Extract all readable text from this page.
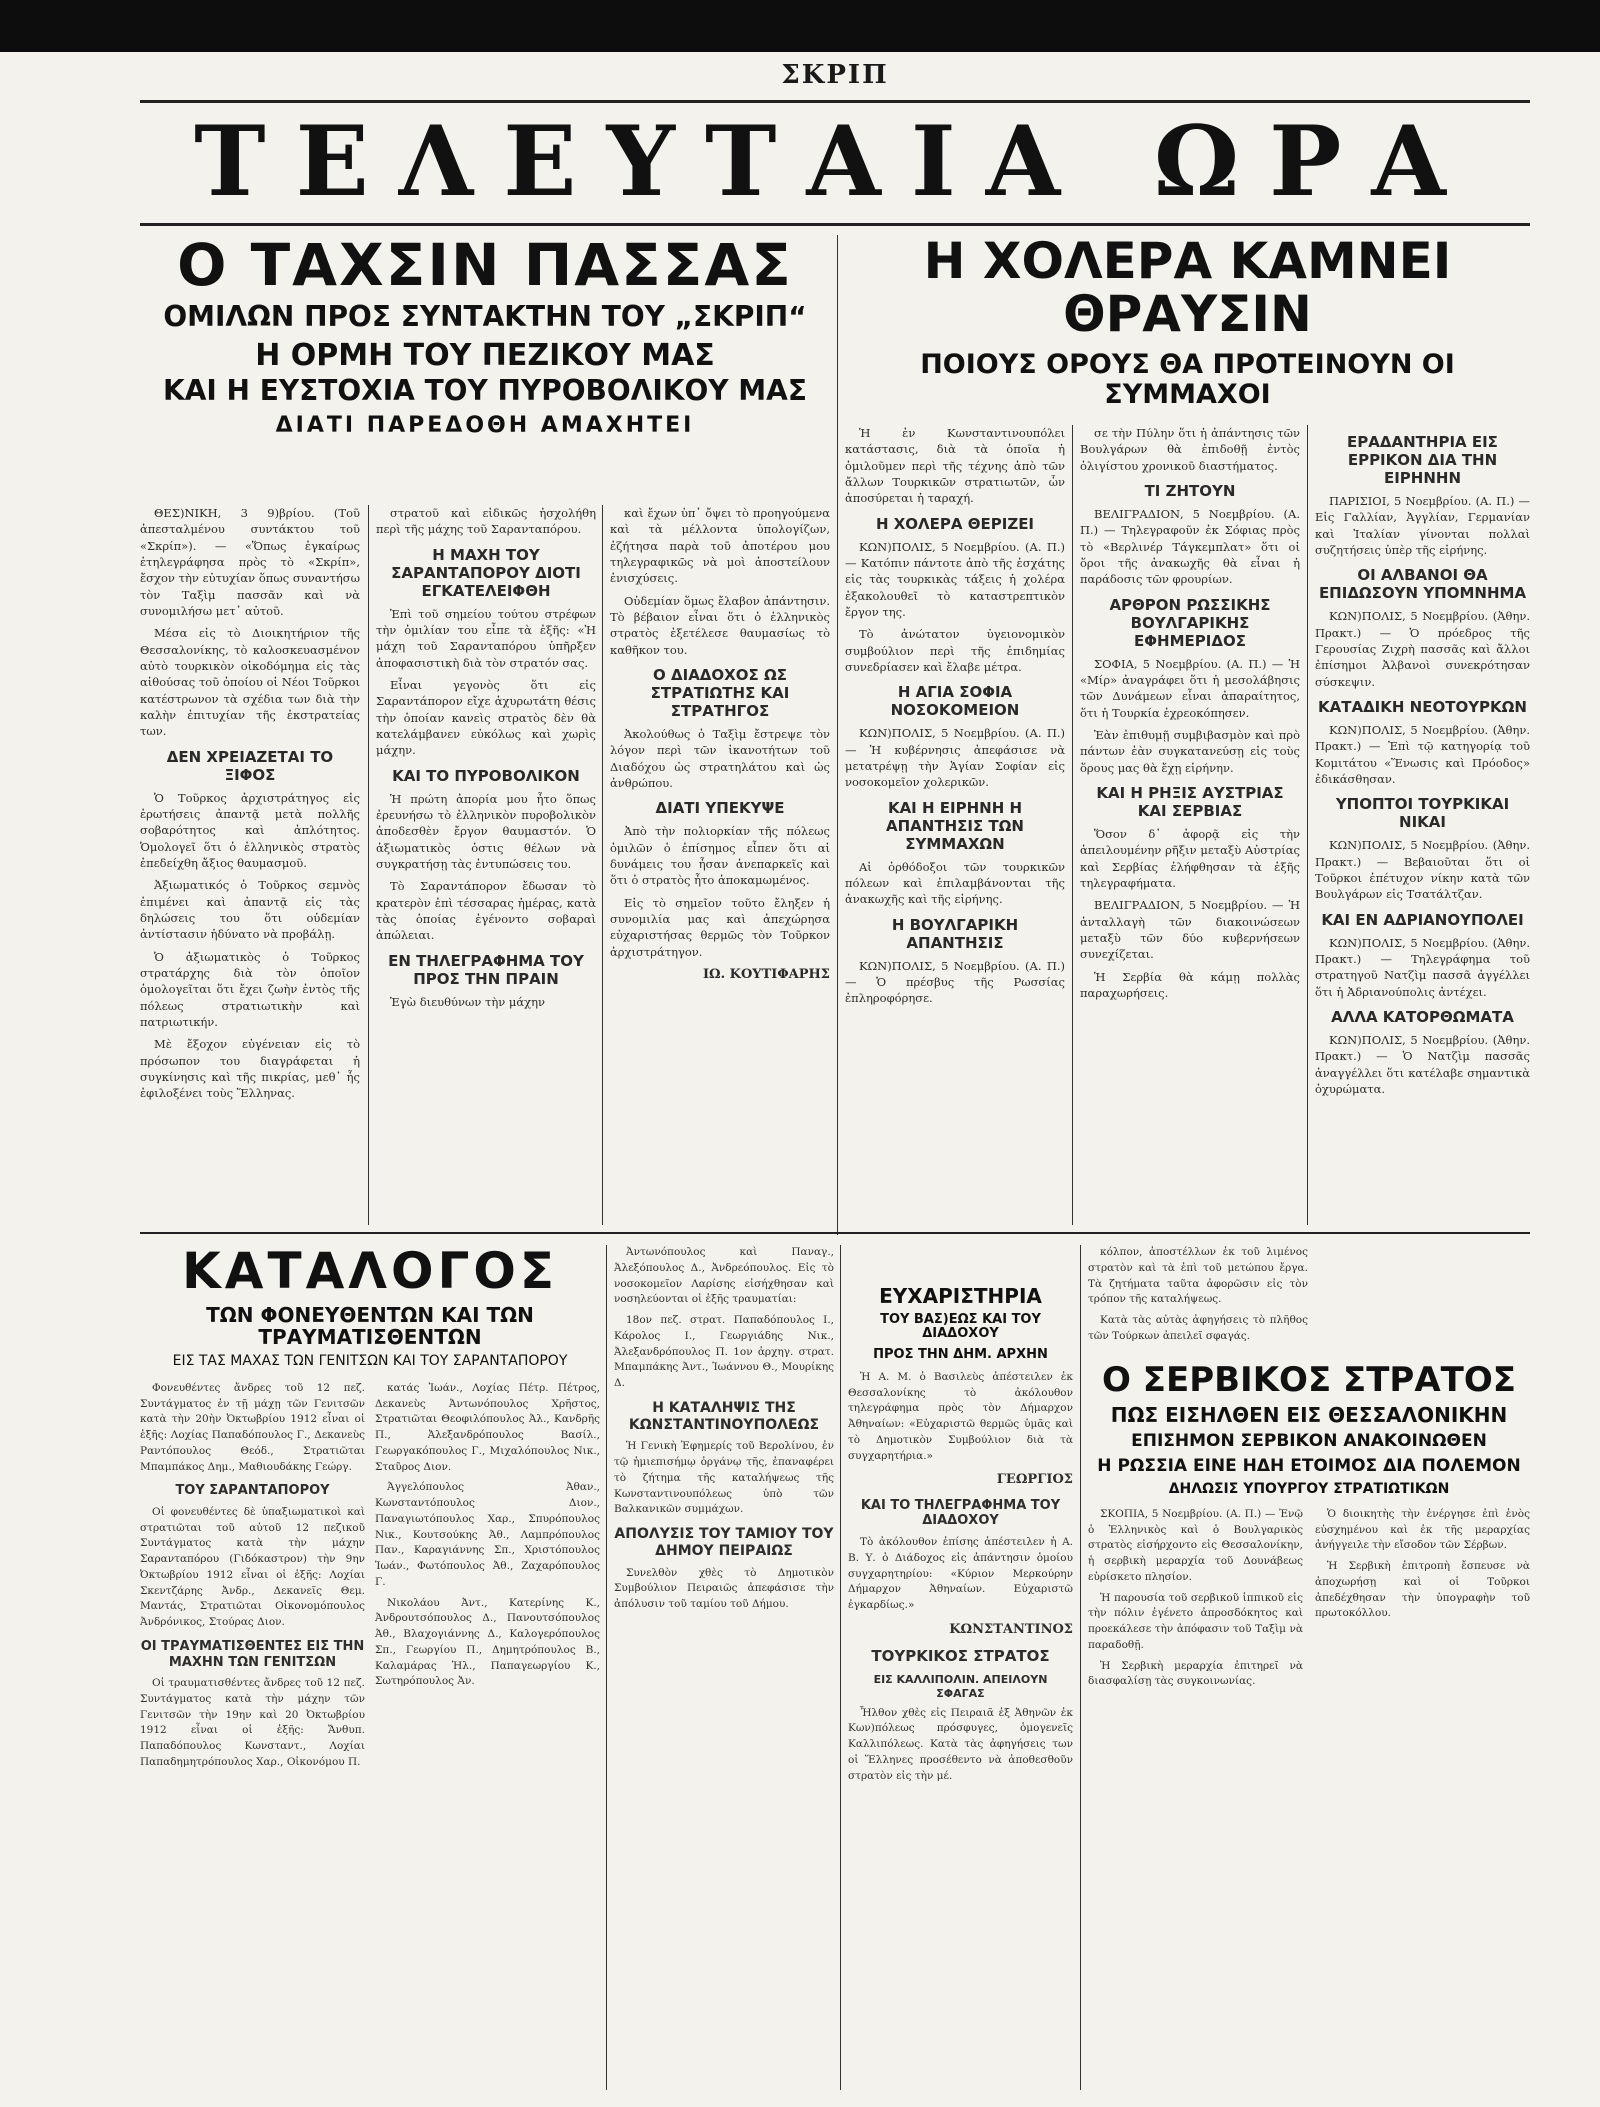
ΣΚΡΙΠ
ΤΕΛΕΥΤΑΙΑ ΩΡΑ
Ο ΤΑΧΣΙΝ ΠΑΣΣΑΣ
ΟΜΙΛΩΝ ΠΡΟΣ ΣΥΝΤΑΚΤΗΝ ΤΟΥ „ΣΚΡΙΠ“
Η ΟΡΜΗ ΤΟΥ ΠΕΖΙΚΟΥ ΜΑΣ
ΚΑΙ Η ΕΥΣΤΟΧΙΑ ΤΟΥ ΠΥΡΟΒΟΛΙΚΟΥ ΜΑΣ
ΔΙΑΤΙ ΠΑΡΕΔΟΘΗ ΑΜΑΧΗΤΕΙ
Η ΧΟΛΕΡΑ ΚΑΜΝΕΙ ΘΡΑΥΣΙΝ
ΠΟΙΟΥΣ ΟΡΟΥΣ ΘΑ ΠΡΟΤΕΙΝΟΥΝ ΟΙ ΣΥΜΜΑΧΟΙ

ΘΕΣ)ΝΙΚΗ, 3 9)βρίου. (Τοῦ ἀπεσταλμένου συντάκτου τοῦ «Σκρίπ»). — «Ὅπως ἐγκαίρως ἐτηλεγράφησα πρὸς τὸ «Σκρίπ», ἔσχον τὴν εὐτυχίαν ὅπως συναντήσω τὸν Ταξὶμ πασσᾶν καὶ νὰ συνομιλήσω μετ᾽ αὐτοῦ.

Μέσα εἰς τὸ Διοικητήριον τῆς Θεσσαλονίκης, τὸ καλοσκευασμένον αὐτὸ τουρκικὸν οἰκοδόμημα εἰς τὰς αἰθούσας τοῦ ὁποίου οἱ Νέοι Τοῦρκοι κατέστρωνον τὰ σχέδια των διὰ τὴν καλὴν ἐπιτυχίαν τῆς ἐκστρατείας των.

ΔΕΝ ΧΡΕΙΑΖΕΤΑΙ ΤΟ ΞΙΦΟΣ

Ὁ Τοῦρκος ἀρχιστράτηγος εἰς ἐρωτήσεις ἀπαντᾷ μετὰ πολλῆς σοβαρότητος καὶ ἀπλότητος. Ὁμολογεῖ ὅτι ὁ ἑλληνικὸς στρατὸς ἐπεδείχθη ἄξιος θαυμασμοῦ.

Ἀξιωματικός ὁ Τοῦρκος σεμνὸς ἐπιμένει καὶ ἀπαντᾷ εἰς τὰς δηλώσεις του ὅτι οὐδεμίαν ἀντίστασιν ἡδύνατο νὰ προβάλῃ.

Ὁ ἀξιωματικὸς ὁ Τοῦρκος στρατάρχης διὰ τὸν ὁποῖον ὁμολογεῖται ὅτι ἔχει ζωὴν ἐντὸς τῆς πόλεως στρατιωτικὴν καὶ πατριωτικήν.

Μὲ ἔξοχον εὐγένειαν εἰς τὸ πρόσωπον του διαγράφεται ἡ συγκίνησις καὶ τῆς πικρίας, μεθ᾽ ἧς ἐφιλοξένει τοὺς Ἕλληνας.

στρατοῦ καὶ εἰδικῶς ἠσχολήθη περὶ τῆς μάχης τοῦ Σαρανταπόρου.

Η ΜΑΧΗ ΤΟΥ ΣΑΡΑΝΤΑΠΟΡΟΥ ΔΙΟΤΙ ΕΓΚΑΤΕΛΕΙΦΘΗ

Ἐπὶ τοῦ σημείου τούτου στρέφων τὴν ὁμιλίαν του εἶπε τὰ ἑξῆς: «Ἡ μάχη τοῦ Σαρανταπόρου ὑπῆρξεν ἀποφασιστικὴ διὰ τὸν στρατόν σας.

Εἶναι γεγονὸς ὅτι εἰς Σαραντάπορον εἴχε ἀχυρωτάτη θέσις τὴν ὁποίαν κανεὶς στρατὸς δὲν θὰ κατελάμβανεν εὐκόλως καὶ χωρὶς μάχην.

ΚΑΙ ΤΟ ΠΥΡΟΒΟΛΙΚΟΝ

Ἡ πρώτη ἀπορία μου ἦτο ὅπως ἐρευνήσω τὸ ἑλληνικὸν πυροβολικὸν ἀποδεσθὲν ἔργον θαυμαστόν. Ὁ ἀξιωματικὸς ὁστις θέλων νὰ συγκρατήσῃ τὰς ἐντυπώσεις του.

Τὸ Σαραντάπορον ἔδωσαν τὸ κρατερὸν ἐπὶ τέσσαρας ἡμέρας, κατὰ τὰς ὁποίας ἐγένοντο σοβαραὶ ἀπώλειαι.

ΕΝ ΤΗΛΕΓΡΑΦΗΜΑ ΤΟΥ ΠΡΟΣ ΤΗΝ ΠΡΑΙΝ

Ἐγὼ διευθύνων τὴν μάχην

καὶ ἔχων ὑπ᾽ ὄψει τὸ προηγούμενα καὶ τὰ μέλλοντα ὑπολογίζων, ἐζήτησα παρὰ τοῦ ἀποτέρου μου τηλεγραφικῶς νὰ μοὶ ἀποστείλουν ἐνισχύσεις.

Οὐδεμίαν ὅμως ἔλαβον ἀπάντησιν. Τὸ βέβαιον εἶναι ὅτι ὁ ἑλληνικὸς στρατὸς ἐξετέλεσε θαυμασίως τὸ καθῆκον του.

Ο ΔΙΑΔΟΧΟΣ ΩΣ ΣΤΡΑΤΙΩΤΗΣ ΚΑΙ ΣΤΡΑΤΗΓΟΣ

Ἀκολούθως ὁ Ταξὶμ ἔστρεψε τὸν λόγον περὶ τῶν ἱκανοτήτων τοῦ Διαδόχου ὡς στρατηλάτου καὶ ὡς ἀνθρώπου.

ΔΙΑΤΙ ΥΠΕΚΥΨΕ

Ἀπὸ τὴν πολιορκίαν τῆς πόλεως ὁμιλῶν ὁ ἐπίσημος εἶπεν ὅτι αἱ δυνάμεις του ἦσαν ἀνεπαρκεῖς καὶ ὅτι ὁ στρατὸς ἦτο ἀποκαμωμένος.

Εἰς τὸ σημεῖον τοῦτο ἔληξεν ἡ συνομιλία μας καὶ ἀπεχώρησα εὐχαριστήσας θερμῶς τὸν Τοῦρκον ἀρχιστράτηγον.

ΙΩ. ΚΟΥΤΙΦΑΡΗΣ

Ἡ ἐν Κωνσταντινουπόλει κατάστασις, διὰ τὰ ὁποῖα ἡ ὁμιλοῦμεν περὶ τῆς τέχνης ἀπὸ τῶν ἄλλων Τουρκικῶν στρατιωτῶν, ὧν ἀποσύρεται ἡ ταραχή.

Η ΧΟΛΕΡΑ ΘΕΡΙΖΕΙ

ΚΩΝ)ΠΟΛΙΣ, 5 Νοεμβρίου. (Α. Π.) — Κατόπιν πάντοτε ἀπὸ τῆς ἐσχάτης εἰς τὰς τουρκικὰς τάξεις ἡ χολέρα ἐξακολουθεῖ τὸ καταστρεπτικὸν ἔργον της.

Τὸ ἀνώτατον ὑγειονομικὸν συμβούλιον περὶ τῆς ἐπιδημίας συνεδρίασεν καὶ ἔλαβε μέτρα.

Η ΑΓΙΑ ΣΟΦΙΑ ΝΟΣΟΚΟΜΕΙΟΝ

ΚΩΝ)ΠΟΛΙΣ, 5 Νοεμβρίου. (Α. Π.) — Ἡ κυβέρνησις ἀπεφάσισε νὰ μετατρέψῃ τὴν Ἁγίαν Σοφίαν εἰς νοσοκομεῖον χολερικῶν.

ΚΑΙ Η ΕΙΡΗΝΗ Η ΑΠΑΝΤΗΣΙΣ ΤΩΝ ΣΥΜΜΑΧΩΝ

Αἱ ὀρθόδοξοι τῶν τουρκικῶν πόλεων καὶ ἐπιλαμβάνονται τῆς ἀνακωχῆς καὶ τῆς εἰρήνης.

Η ΒΟΥΛΓΑΡΙΚΗ ΑΠΑΝΤΗΣΙΣ

ΚΩΝ)ΠΟΛΙΣ, 5 Νοεμβρίου. (Α. Π.) — Ὁ πρέσβυς τῆς Ρωσσίας ἐπληροφόρησε.

σε τὴν Πύλην ὅτι ἡ ἀπάντησις τῶν Βουλγάρων θὰ ἐπιδοθῇ ἐντὸς ὀλιγίστου χρονικοῦ διαστήματος.

ΤΙ ΖΗΤΟΥΝ

ΒΕΛΙΓΡΑΔΙΟΝ, 5 Νοεμβρίου. (Α. Π.) — Τηλεγραφοῦν ἐκ Σόφιας πρὸς τὸ «Βερλινέρ Τάγκεμπλατ» ὅτι οἱ ὅροι τῆς ἀνακωχῆς θὰ εἶναι ἡ παράδοσις τῶν φρουρίων.

ΑΡΘΡΟΝ ΡΩΣΣΙΚΗΣ ΒΟΥΛΓΑΡΙΚΗΣ ΕΦΗΜΕΡΙΔΟΣ

ΣΟΦΙΑ, 5 Νοεμβρίου. (Α. Π.) — Ἡ «Μίρ» ἀναγράφει ὅτι ἡ μεσολάβησις τῶν Δυνάμεων εἶναι ἀπαραίτητος, ὅτι ἡ Τουρκία ἐχρεοκόπησεν.

Ἐὰν ἐπιθυμῇ συμβιβασμὸν καὶ πρὸ πάντων ἐὰν συγκατανεύσῃ εἰς τοὺς ὅρους μας θὰ ἔχῃ εἰρήνην.

ΚΑΙ Η ΡΗΞΙΣ ΑΥΣΤΡΙΑΣ ΚΑΙ ΣΕΡΒΙΑΣ

Ὅσον δ᾽ ἀφορᾷ εἰς τὴν ἀπειλουμένην ρῆξιν μεταξὺ Αὐστρίας καὶ Σερβίας ἐλήφθησαν τὰ ἑξῆς τηλεγραφήματα.

ΒΕΛΙΓΡΑΔΙΟΝ, 5 Νοεμβρίου. — Ἡ ἀνταλλαγὴ τῶν διακοινώσεων μεταξὺ τῶν δύο κυβερνήσεων συνεχίζεται.

Ἡ Σερβία θὰ κάμῃ πολλὰς παραχωρήσεις.

ΕΡΑΔΑΝΤΗΡΙΑ ΕΙΣ ΕΡΡΙΚΟΝ ΔΙΑ ΤΗΝ ΕΙΡΗΝΗΝ

ΠΑΡΙΣΙΟΙ, 5 Νοεμβρίου. (Α. Π.) — Εἰς Γαλλίαν, Ἀγγλίαν, Γερμανίαν καὶ Ἰταλίαν γίνονται πολλαὶ συζητήσεις ὑπὲρ τῆς εἰρήνης.

ΟΙ ΑΛΒΑΝΟΙ ΘΑ ΕΠΙΔΩΣΟΥΝ ΥΠΟΜΝΗΜΑ

ΚΩΝ)ΠΟΛΙΣ, 5 Νοεμβρίου. (Ἀθην. Πρακτ.) — Ὁ πρόεδρος τῆς Γερουσίας Ζιχρὴ πασσᾶς καὶ ἄλλοι ἐπίσημοι Ἀλβανοὶ συνεκρότησαν σύσκεψιν.

ΚΑΤΑΔΙΚΗ ΝΕΟΤΟΥΡΚΩΝ

ΚΩΝ)ΠΟΛΙΣ, 5 Νοεμβρίου. (Ἀθην. Πρακτ.) — Ἐπὶ τῷ κατηγορίᾳ τοῦ Κομιτάτου «Ἕνωσις καὶ Πρόοδος» ἐδικάσθησαν.

ΥΠΟΠΤΟΙ ΤΟΥΡΚΙΚΑΙ ΝΙΚΑΙ

ΚΩΝ)ΠΟΛΙΣ, 5 Νοεμβρίου. (Ἀθην. Πρακτ.) — Βεβαιοῦται ὅτι οἱ Τοῦρκοι ἐπέτυχον νίκην κατὰ τῶν Βουλγάρων εἰς Τσατάλτζαν.

ΚΑΙ ΕΝ ΑΔΡΙΑΝΟΥΠΟΛΕΙ

ΚΩΝ)ΠΟΛΙΣ, 5 Νοεμβρίου. (Ἀθην. Πρακτ.) — Τηλεγράφημα τοῦ στρατηγοῦ Νατζὶμ πασσᾶ ἀγγέλλει ὅτι ἡ Ἀδριανούπολις ἀντέχει.

ΑΛΛΑ ΚΑΤΟΡΘΩΜΑΤΑ

ΚΩΝ)ΠΟΛΙΣ, 5 Νοεμβρίου. (Ἀθην. Πρακτ.) — Ὁ Νατζὶμ πασσᾶς ἀναγγέλλει ὅτι κατέλαβε σημαντικὰ ὀχυρώματα.

ΚΑΤΑΛΟΓΟΣ
ΤΩΝ ΦΟΝΕΥΘΕΝΤΩΝ ΚΑΙ ΤΩΝ ΤΡΑΥΜΑΤΙΣΘΕΝΤΩΝ
ΕΙΣ ΤΑΣ ΜΑΧΑΣ ΤΩΝ ΓΕΝΙΤΣΩΝ ΚΑΙ ΤΟΥ ΣΑΡΑΝΤΑΠΟΡΟΥ

Φονευθέντες ἄνδρες τοῦ 12 πεζ. Συντάγματος ἐν τῇ μάχῃ τῶν Γενιτσῶν κατὰ τὴν 20ὴν Ὀκτωβρίου 1912 εἶναι οἱ ἑξῆς: Λοχίας Παπαδόπουλος Γ., Δεκανεὺς Ραντόπουλος Θεόδ., Στρατιῶται Μπαμπάκος Δημ., Μαθιουδάκης Γεώργ.

ΤΟΥ ΣΑΡΑΝΤΑΠΟΡΟΥ

Οἱ φονευθέντες δὲ ὑπαξιωματικοὶ καὶ στρατιῶται τοῦ αὐτοῦ 12 πεζικοῦ Συντάγματος κατὰ τὴν μάχην Σαρανταπόρου (Γιδόκαστρον) τὴν 9ην Ὀκτωβρίου 1912 εἶναι οἱ ἑξῆς: Λοχίαι Σκεντζάρης Ἀνδρ., Δεκανεῖς Θεμ. Μαντάς, Στρατιῶται Οἰκονομόπουλος Ἀνδρόνικος, Στούρας Διον.

ΟΙ ΤΡΑΥΜΑΤΙΣΘΕΝΤΕΣ ΕΙΣ ΤΗΝ ΜΑΧΗΝ ΤΩΝ ΓΕΝΙΤΣΩΝ

Οἱ τραυματισθέντες ἄνδρες τοῦ 12 πεζ. Συντάγματος κατὰ τὴν μάχην τῶν Γενιτσῶν τὴν 19ην καὶ 20 Ὀκτωβρίου 1912 εἶναι οἱ ἑξῆς: Ἄνθυπ. Παπαδόπουλος Κωνσταντ., Λοχίαι Παπαδημητρόπουλος Χαρ., Οἰκονόμου Π.

κατάς Ἰωάν., Λοχίας Πέτρ. Πέτρος, Δεκανεὺς Ἀντωνόπουλος Χρῆστος, Στρατιῶται Θεοφιλόπουλος Ἀλ., Κανδρῆς Π., Ἀλεξανδρόπουλος Βασίλ., Γεωργακόπουλος Γ., Μιχαλόπουλος Νικ., Σταῦρος Διον.

Ἀγγελόπουλος Ἀθαν., Κωνσταντόπουλος Διον., Παναγιωτόπουλος Χαρ., Σπυρόπουλος Νικ., Κουτσούκης Ἀθ., Λαμπρόπουλος Παν., Καραγιάννης Σπ., Χριστόπουλος Ἰωάν., Φωτόπουλος Ἀθ., Ζαχαρόπουλος Γ.

Νικολάου Ἀντ., Κατερίνης Κ., Ἀνδρουτσόπουλος Δ., Πανουτσόπουλος Ἀθ., Βλαχογιάννης Δ., Καλογερόπουλος Σπ., Γεωργίου Π., Δημητρόπουλος Β., Καλαμάρας Ἠλ., Παπαγεωργίου Κ., Σωτηρόπουλος Ἀν.

Ἀντωνόπουλος καὶ Παναγ., Ἀλεξόπουλος Δ., Ἀνδρεόπουλος. Εἰς τὸ νοσοκομεῖον Λαρίσης εἰσήχθησαν καὶ νοσηλεύονται οἱ ἑξῆς τραυματίαι:

18ον πεζ. στρατ. Παπαδόπουλος Ι., Κάρολος Ι., Γεωργιάδης Νικ., Ἀλεξανδρόπουλος Π. 1ον ἀρχηγ. στρατ. Μπαμπάκης Ἀντ., Ἰωάννου Θ., Μουρίκης Δ.

Η ΚΑΤΑΛΗΨΙΣ ΤΗΣ ΚΩΝΣΤΑΝΤΙΝΟΥΠΟΛΕΩΣ

Ἡ Γενικὴ Ἐφημερίς τοῦ Βερολίνου, ἐν τῷ ἡμιεπισήμῳ ὀργάνῳ τῆς, ἐπαναφέρει τὸ ζήτημα τῆς καταλήψεως τῆς Κωνσταντινουπόλεως ὑπὸ τῶν Βαλκανικῶν συμμάχων.

ΑΠΟΛΥΣΙΣ ΤΟΥ ΤΑΜΙΟΥ ΤΟΥ ΔΗΜΟΥ ΠΕΙΡΑΙΩΣ

Συνελθὸν χθὲς τὸ Δημοτικὸν Συμβούλιον Πειραιῶς ἀπεφάσισε τὴν ἀπόλυσιν τοῦ ταμίου τοῦ Δήμου.

ΕΥΧΑΡΙΣΤΗΡΙΑ
ΤΟΥ ΒΑΣ)ΕΩΣ ΚΑΙ ΤΟΥ ΔΙΑΔΟΧΟΥ
ΠΡΟΣ ΤΗΝ ΔΗΜ. ΑΡΧΗΝ

Ἡ Α. Μ. ὁ Βασιλεὺς ἀπέστειλεν ἐκ Θεσσαλονίκης τὸ ἀκόλουθον τηλεγράφημα πρὸς τὸν Δήμαρχον Ἀθηναίων: «Εὐχαριστῶ θερμῶς ὑμᾶς καὶ τὸ Δημοτικὸν Συμβούλιον διὰ τὰ συγχαρητήρια.»

ΓΕΩΡΓΙΟΣ
ΚΑΙ ΤΟ ΤΗΛΕΓΡΑΦΗΜΑ ΤΟΥ ΔΙΑΔΟΧΟΥ

Τὸ ἀκόλουθον ἐπίσης ἀπέστειλεν ἡ Α. Β. Υ. ὁ Διάδοχος εἰς ἀπάντησιν ὁμοίου συγχαρητηρίου: «Κύριον Μερκούρην Δήμαρχον Ἀθηναίων. Εὐχαριστῶ ἐγκαρδίως.»

ΚΩΝΣΤΑΝΤΙΝΟΣ
ΤΟΥΡΚΙΚΟΣ ΣΤΡΑΤΟΣ
ΕΙΣ ΚΑΛΛΙΠΟΛΙΝ. ΑΠΕΙΛΟΥΝ ΣΦΑΓΑΣ

Ἦλθον χθὲς εἰς Πειραιᾶ ἐξ Ἀθηνῶν ἐκ Κων)πόλεως πρόσφυγες, ὁμογενεῖς Καλλιπόλεως. Κατὰ τὰς ἀφηγήσεις των οἱ Ἕλληνες προσέθεντο νὰ ἀποθεσθοῦν στρατὸν εἰς τὴν μέ.

κόλπον, ἀποστέλλων ἐκ τοῦ λιμένος στρατὸν καὶ τὰ ἐπὶ τοῦ μετώπου ἔργα. Τὰ ζητήματα ταῦτα ἀφορῶσιν εἰς τὸν τρόπον τῆς καταλήψεως.

Κατὰ τὰς αὐτὰς ἀφηγήσεις τὸ πλῆθος τῶν Τούρκων ἀπειλεῖ σφαγάς.

Ο ΣΕΡΒΙΚΟΣ ΣΤΡΑΤΟΣ
ΠΩΣ ΕΙΣΗΛΘΕΝ ΕΙΣ ΘΕΣΣΑΛΟΝΙΚΗΝ
ΕΠΙΣΗΜΟΝ ΣΕΡΒΙΚΟΝ ΑΝΑΚΟΙΝΩΘΕΝ
Η ΡΩΣΣΙΑ ΕΙΝΕ ΗΔΗ ΕΤΟΙΜΟΣ ΔΙΑ ΠΟΛΕΜΟΝ
ΔΗΛΩΣΙΣ ΥΠΟΥΡΓΟΥ ΣΤΡΑΤΙΩΤΙΚΩΝ

ΣΚΟΠΙΑ, 5 Νοεμβρίου. (Α. Π.) — Ἐνῷ ὁ Ἑλληνικὸς καὶ ὁ Βουλγαρικὸς στρατὸς εἰσήρχοντο εἰς Θεσσαλονίκην, ἡ σερβικὴ μεραρχία τοῦ Δουνάβεως εὑρίσκετο πλησίον.

Ἡ παρουσία τοῦ σερβικοῦ ἱππικοῦ εἰς τὴν πόλιν ἐγένετο ἀπροσδόκητος καὶ προεκάλεσε τὴν ἀπόφασιν τοῦ Ταξὶμ νὰ παραδοθῇ.

Ἡ Σερβικὴ μεραρχία ἐπιτηρεῖ νὰ διασφαλίσῃ τὰς συγκοινωνίας.

Ὁ διοικητὴς τὴν ἐνέργησε ἐπὶ ἑνὸς εὐσχημένου καὶ ἐκ τῆς μεραρχίας ἀνήγγειλε τὴν εἴσοδον τῶν Σέρβων.

Ἡ Σερβικὴ ἐπιτροπὴ ἔσπευσε νὰ ἀποχωρήσῃ καὶ οἱ Τοῦρκοι ἀπεδέχθησαν τὴν ὑπογραφὴν τοῦ πρωτοκόλλου.
